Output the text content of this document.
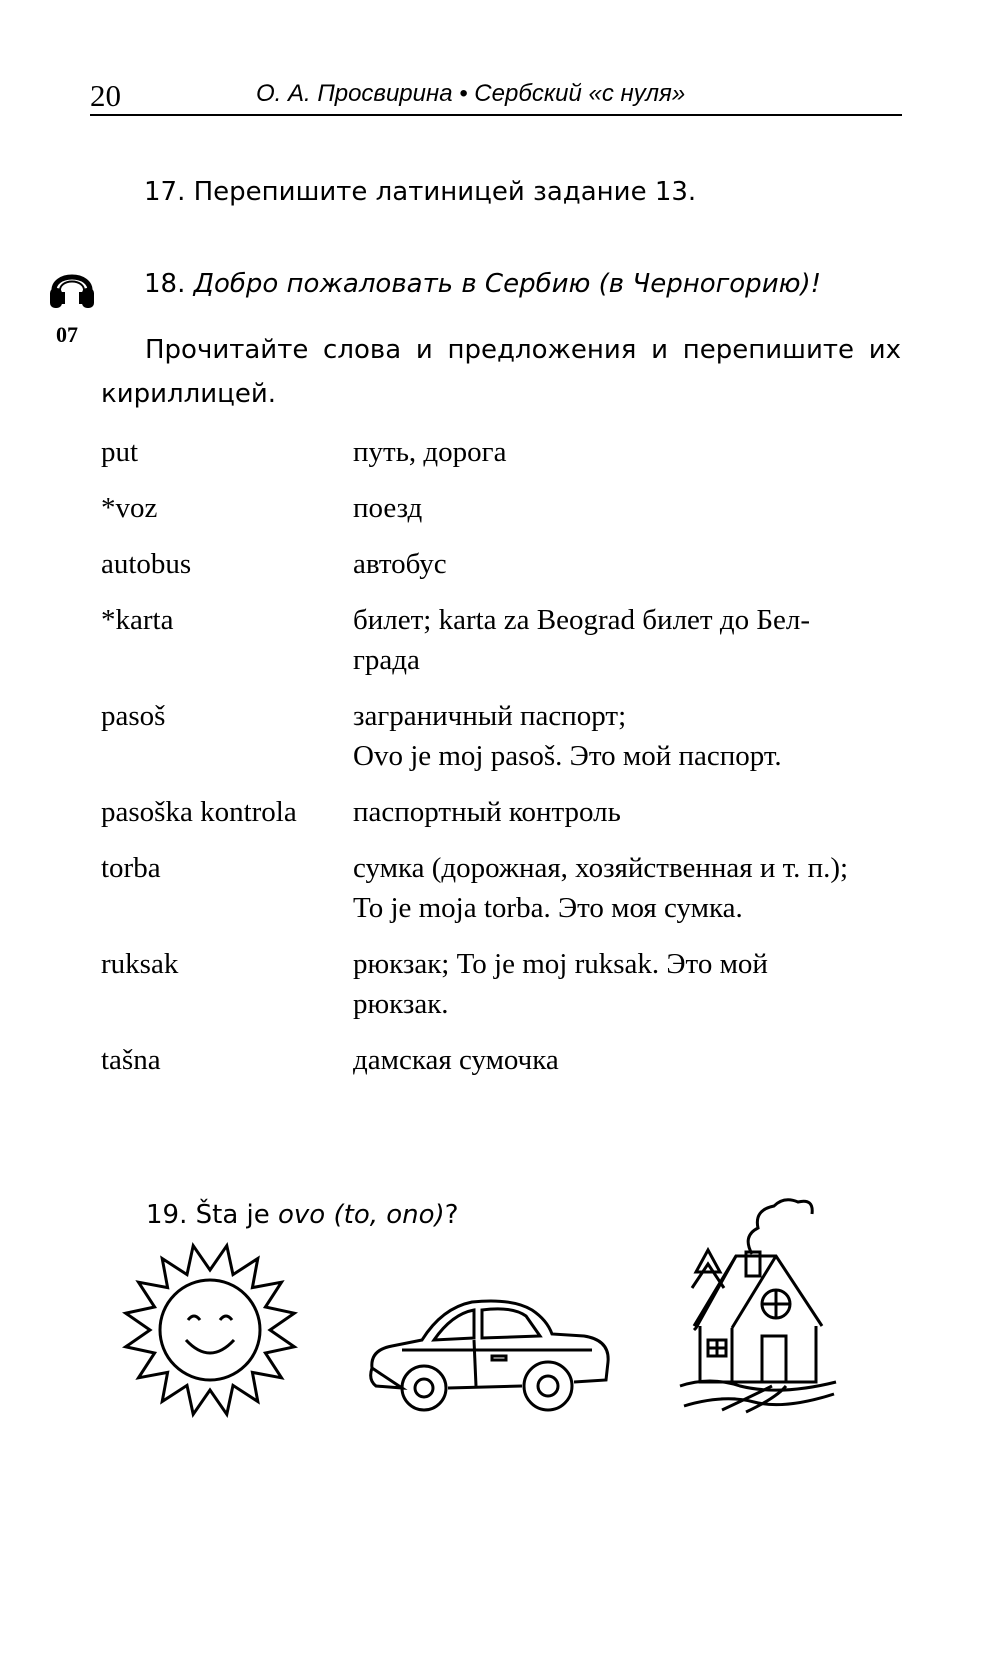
20	О. А. Просвирина • Сербский «с нуля»
17. Перепишите латиницей задание 13.
07
18. Добро пожаловать в Сербию (в Черногорию)!
Прочитайте слова и предложения и перепишите их кириллицей.
put	путь, дорога
*voz	поезд
autobus	автобус
*karta	билет; karta za Beograd билет до Бел-
града
pasoš	заграничный паспорт;
Ovo je moj pasoš. Это мой паспорт.
pasoška kontrola	паспортный контроль
torba	сумка (дорожная, хозяйственная и т. п.);
To je moja torba. Это моя сумка.
ruksak	рюкзак; To je moj ruksak. Это мой
рюкзак.
tašna	дамская сумочка
19. Šta je ovo (to, ono)?
